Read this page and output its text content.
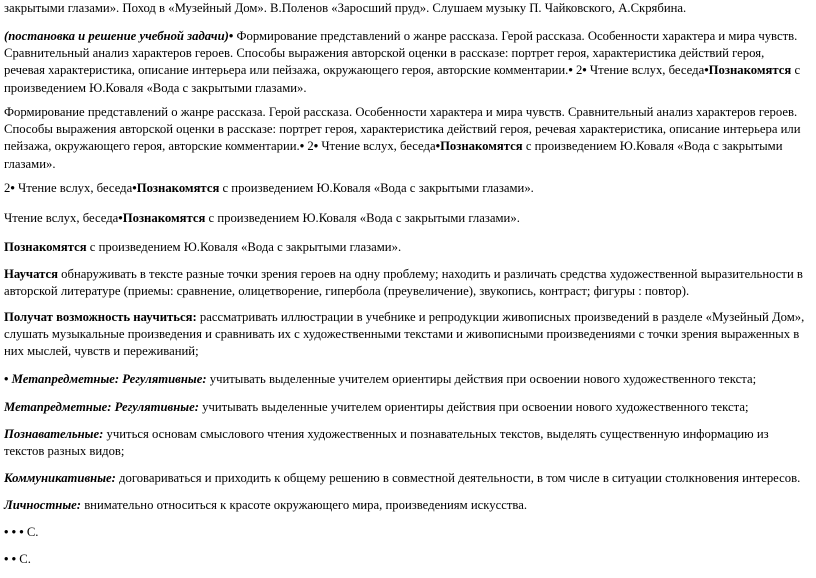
закрытыми глазами». Поход в «Музейный Дом». В.Поленов «Заросший пруд». Слушаем музыку П. Чайковского, А.Скрябина.

(постановка и решение учебной задачи)• Формирование представлений о жанре рассказа. Герой рассказа. Особенности характера и мира чувств. Сравнительный анализ характеров героев. Способы выражения авторской оценки в рассказе: портрет героя, характеристика действий героя, речевая характеристика, описание интерьера или пейзажа, окружающего героя, авторские комментарии.• 2• Чтение вслух, беседа•Познакомятся с произведением Ю.Коваля «Вода с закрытыми глазами».

Формирование представлений о жанре рассказа. Герой рассказа. Особенности характера и мира чувств. Сравнительный анализ характеров героев. Способы выражения авторской оценки в рассказе: портрет героя, характеристика действий героя, речевая характеристика, описание интерьера или пейзажа, окружающего героя, авторские комментарии.• 2• Чтение вслух, беседа•Познакомятся с произведением Ю.Коваля «Вода с закрытыми глазами».

2• Чтение вслух, беседа•Познакомятся с произведением Ю.Коваля «Вода с закрытыми глазами».

Чтение вслух, беседа•Познакомятся с произведением Ю.Коваля «Вода с закрытыми глазами».

Познакомятся с произведением Ю.Коваля «Вода с закрытыми глазами».

Научатся обнаруживать в тексте разные точки зрения героев на одну проблему; находить и различать средства художественной выразительности в авторской литературе (приемы: сравнение, олицетворение, гипербола (преувеличение), звукопись, контраст; фигуры : повтор).

Получат возможность научиться: рассматривать иллюстрации в учебнике и репродукции живописных произведений в разделе «Музейный Дом», слушать музыкальные произведения и сравнивать их с художественными текстами и живописными произведениями с точки зрения выраженных в них мыслей, чувств и переживаний;

• Метапредметные: Регулятивные: учитывать выделенные учителем ориентиры действия при освоении нового художественного текста;

Метапредметные: Регулятивные: учитывать выделенные учителем ориентиры действия при освоении нового художественного текста;

Познавательные: учиться основам смыслового чтения художественных и познавательных текстов, выделять существенную информацию из текстов разных видов;

Коммуникативные: договариваться и приходить к общему решению в совместной деятельности, в том числе в ситуации столкновения интересов.

Личностные: внимательно относиться к красоте окружающего мира, произведениям искусства.

• • • С.

• • С.
